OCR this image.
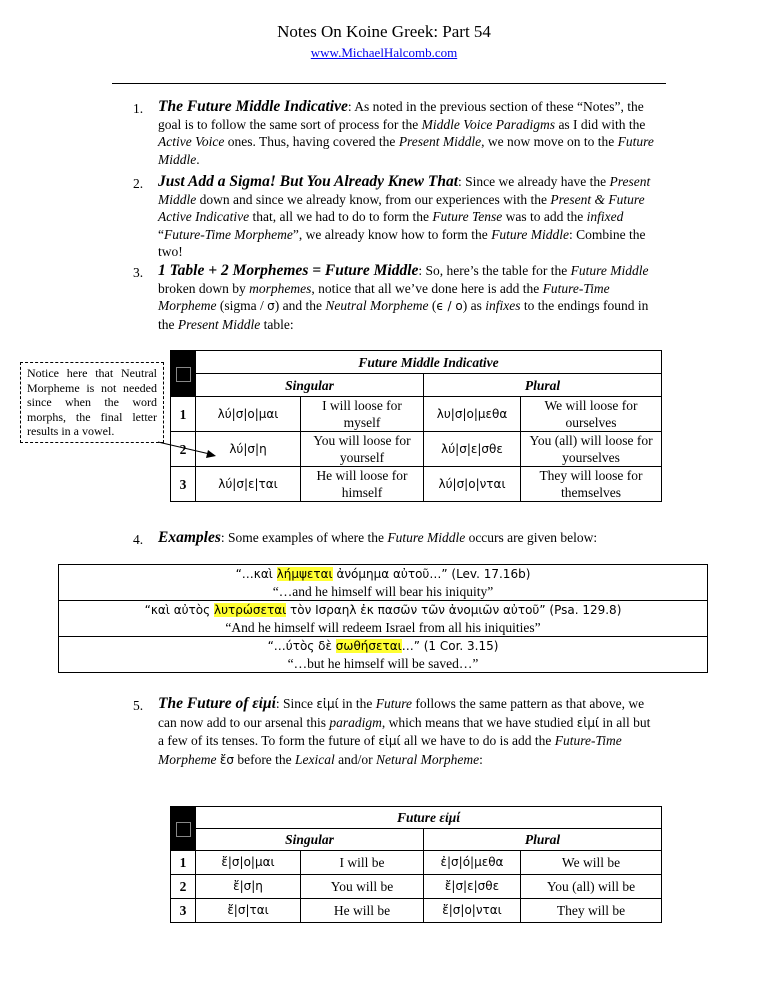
Notes On Koine Greek: Part 54
www.MichaelHalcomb.com
1. The Future Middle Indicative: As noted in the previous section of these “Notes”, the goal is to follow the same sort of process for the Middle Voice Paradigms as I did with the Active Voice ones. Thus, having covered the Present Middle, we now move on to the Future Middle.
2. Just Add a Sigma! But You Already Knew That: Since we already have the Present Middle down and since we already know, from our experiences with the Present & Future Active Indicative that, all we had to do to form the Future Tense was to add the infixed “Future-Time Morpheme”, we already know how to form the Future Middle: Combine the two!
3. 1 Table + 2 Morphemes = Future Middle: So, here’s the table for the Future Middle broken down by morphemes, notice that all we’ve done here is add the Future-Time Morpheme (sigma / σ) and the Neutral Morpheme (ϵ / ο) as infixes to the endings found in the Present Middle table:
Notice here that Neutral Morpheme is not needed since when the word morphs, the final letter results in a vowel.
	Future Middle Indicative			
	Singular		Plural	
1	λύ|σ|ο|μαι	I will loose for myself	λυ|σ|ο|μεθα	We will loose for ourselves
2	λύ|σ|η	You will loose for yourself	λύ|σ|ε|σθε	You (all) will loose for yourselves
3	λύ|σ|ε|ται	He will loose for himself	λύ|σ|ο|νται	They will loose for themselves
4. Examples: Some examples of where the Future Middle occurs are given below:
“…καὶ λήμψεται ἀνόμημα αὐτοῦ…” (Lev. 17.16b)
“…and he himself will bear his iniquity”

“καὶ αὐτὸς λυτρώσεται τὸν Ισραηλ ἐκ πασῶν τῶν ἀνομιῶν αὐτοῦ” (Psa. 129.8)
“And he himself will redeem Israel from all his iniquities”

“…ύτὸς δὲ σωθήσεται…” (1 Cor. 3.15)
“…but he himself will be saved…”
5. The Future of εἰμί: Since εἰμί in the Future follows the same pattern as that above, we can now add to our arsenal this paradigm, which means that we have studied εἰμί in all but a few of its tenses. To form the future of εἰμί all we have to do is add the Future-Time Morpheme ἔσ before the Lexical and/or Netural Morpheme:
	Future εἰμί			
	Singular		Plural	
1	ἔ|σ|ο|μαι	I will be	ἐ|σ|ό|μεθα	We will be
2	ἔ|σ|η	You will be	ἔ|σ|ε|σθε	You (all) will be
3	ἔ|σ|ται	He will be	ἔ|σ|ο|νται	They will be
